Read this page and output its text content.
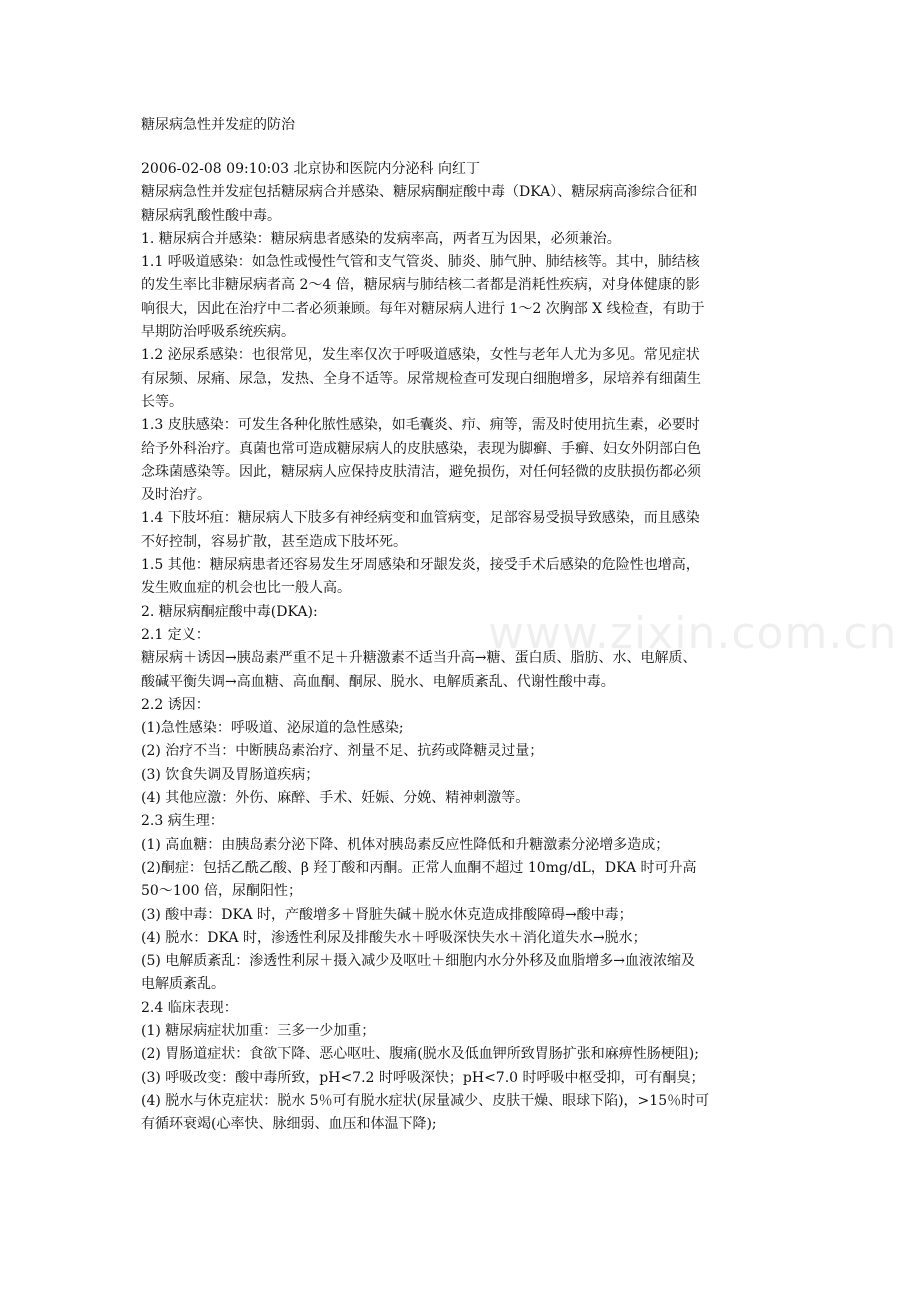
糖尿病急性并发症的防治
2006-02-08 09:10:03 北京协和医院内分泌科 向红丁
糖尿病急性并发症包括糖尿病合并感染、糖尿病酮症酸中毒（DKA）、糖尿病高渗综合征和
糖尿病乳酸性酸中毒。
1. 糖尿病合并感染：糖尿病患者感染的发病率高，两者互为因果，必须兼治。
1.1 呼吸道感染：如急性或慢性气管和支气管炎、肺炎、肺气肿、肺结核等。其中，肺结核
的发生率比非糖尿病者高 2～4 倍，糖尿病与肺结核二者都是消耗性疾病，对身体健康的影
响很大，因此在治疗中二者必须兼顾。每年对糖尿病人进行 1～2 次胸部 X 线检查，有助于
早期防治呼吸系统疾病。
1.2 泌尿系感染：也很常见，发生率仅次于呼吸道感染，女性与老年人尤为多见。常见症状
有尿频、尿痛、尿急，发热、全身不适等。尿常规检查可发现白细胞增多，尿培养有细菌生
长等。
1.3 皮肤感染：可发生各种化脓性感染，如毛囊炎、疖、痈等，需及时使用抗生素，必要时
给予外科治疗。真菌也常可造成糖尿病人的皮肤感染，表现为脚癣、手癣、妇女外阴部白色
念珠菌感染等。因此，糖尿病人应保持皮肤清洁，避免损伤，对任何轻微的皮肤损伤都必须
及时治疗。
1.4 下肢坏疽：糖尿病人下肢多有神经病变和血管病变，足部容易受损导致感染，而且感染
不好控制，容易扩散，甚至造成下肢坏死。
1.5 其他：糖尿病患者还容易发生牙周感染和牙龈发炎，接受手术后感染的危险性也增高，
发生败血症的机会也比一般人高。
2. 糖尿病酮症酸中毒(DKA):
2.1 定义：
糖尿病＋诱因→胰岛素严重不足＋升糖激素不适当升高→糖、蛋白质、脂肪、水、电解质、
酸碱平衡失调→高血糖、高血酮、酮尿、脱水、电解质紊乱、代谢性酸中毒。
2.2 诱因：
(1)急性感染：呼吸道、泌尿道的急性感染;
(2) 治疗不当：中断胰岛素治疗、剂量不足、抗药或降糖灵过量；
(3) 饮食失调及胃肠道疾病；
(4) 其他应激：外伤、麻醉、手术、妊娠、分娩、精神刺激等。
2.3 病生理：
(1) 高血糖：由胰岛素分泌下降、机体对胰岛素反应性降低和升糖激素分泌增多造成；
(2)酮症：包括乙酰乙酸、β 羟丁酸和丙酮。正常人血酮不超过 10mg/dL，DKA 时可升高
50～100 倍，尿酮阳性；
(3) 酸中毒：DKA 时，产酸增多＋肾脏失碱＋脱水休克造成排酸障碍→酸中毒；
(4) 脱水：DKA 时，渗透性利尿及排酸失水＋呼吸深快失水＋消化道失水→脱水；
(5) 电解质紊乱：渗透性利尿＋摄入减少及呕吐＋细胞内水分外移及血脂增多→血液浓缩及
电解质紊乱。
2.4 临床表现：
(1) 糖尿病症状加重：三多一少加重；
(2) 胃肠道症状：食欲下降、恶心呕吐、腹痛(脱水及低血钾所致胃肠扩张和麻痹性肠梗阻);
(3) 呼吸改变：酸中毒所致，pH<7.2 时呼吸深快；pH<7.0 时呼吸中枢受抑，可有酮臭；
(4) 脱水与休克症状：脱水 5％可有脱水症状(尿量减少、皮肤干燥、眼球下陷)，>15％时可
有循环衰竭(心率快、脉细弱、血压和体温下降);
www.zixin.com.cn
